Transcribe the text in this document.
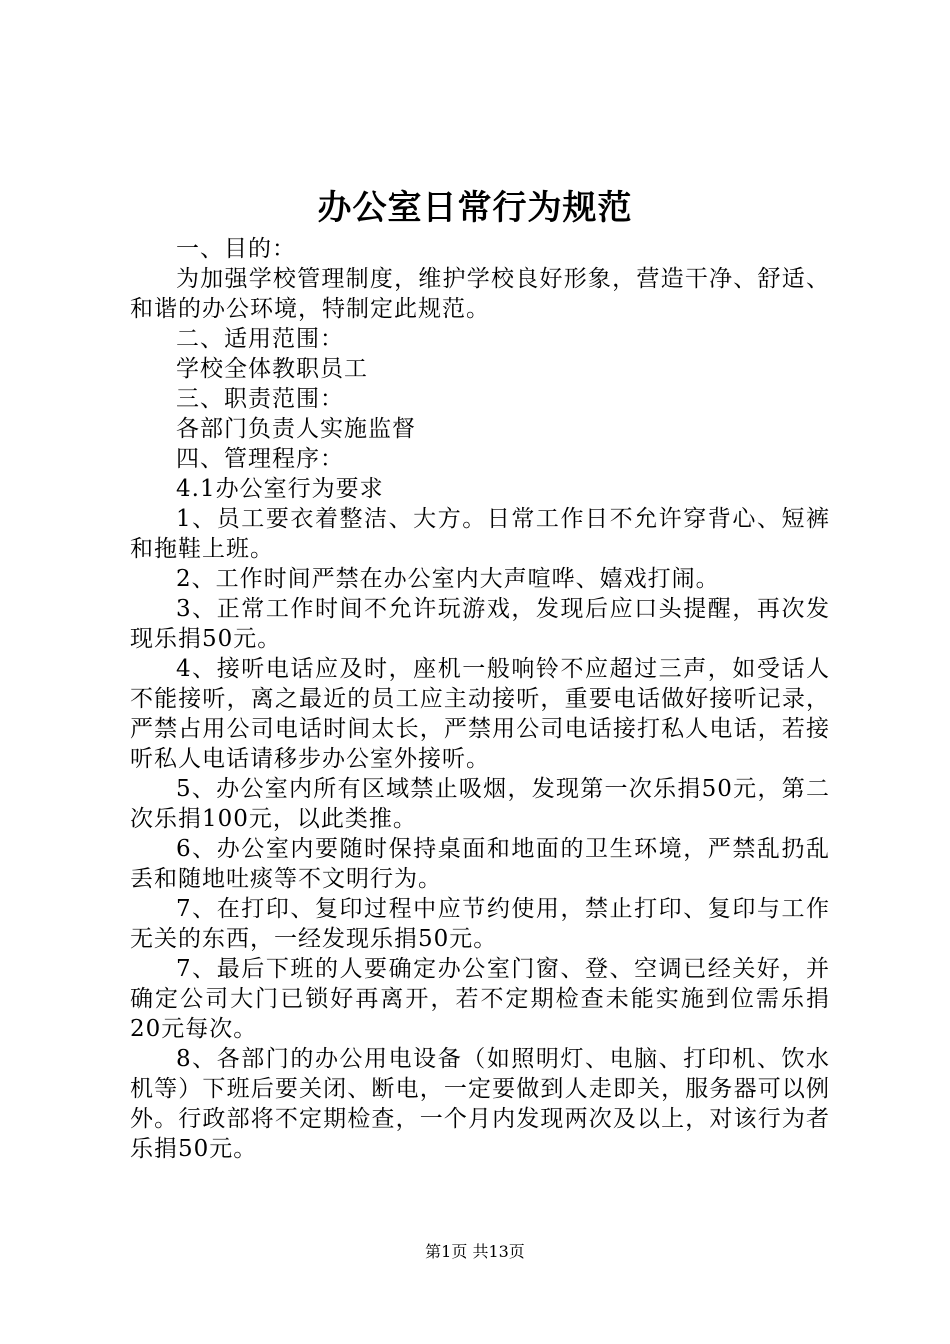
办公室日常行为规范

一、目的：

为加强学校管理制度，维护学校良好形象，营造干净、舒适、和谐的办公环境，特制定此规范。

二、适用范围：

学校全体教职员工

三、职责范围：

各部门负责人实施监督

四、管理程序：

4.1办公室行为要求

1、员工要衣着整洁、大方。日常工作日不允许穿背心、短裤和拖鞋上班。

2、工作时间严禁在办公室内大声喧哗、嬉戏打闹。

3、正常工作时间不允许玩游戏，发现后应口头提醒，再次发现乐捐50元。

4、接听电话应及时，座机一般响铃不应超过三声，如受话人不能接听，离之最近的员工应主动接听，重要电话做好接听记录，严禁占用公司电话时间太长，严禁用公司电话接打私人电话，若接听私人电话请移步办公室外接听。

5、办公室内所有区域禁止吸烟，发现第一次乐捐50元，第二次乐捐100元，以此类推。

6、办公室内要随时保持桌面和地面的卫生环境，严禁乱扔乱丢和随地吐痰等不文明行为。

7、在打印、复印过程中应节约使用，禁止打印、复印与工作无关的东西，一经发现乐捐50元。

7、最后下班的人要确定办公室门窗、登、空调已经关好，并确定公司大门已锁好再离开，若不定期检查未能实施到位需乐捐20元每次。

8、各部门的办公用电设备（如照明灯、电脑、打印机、饮水机等）下班后要关闭、断电，一定要做到人走即关，服务器可以例外。行政部将不定期检查，一个月内发现两次及以上，对该行为者乐捐50元。

第1页 共13页
